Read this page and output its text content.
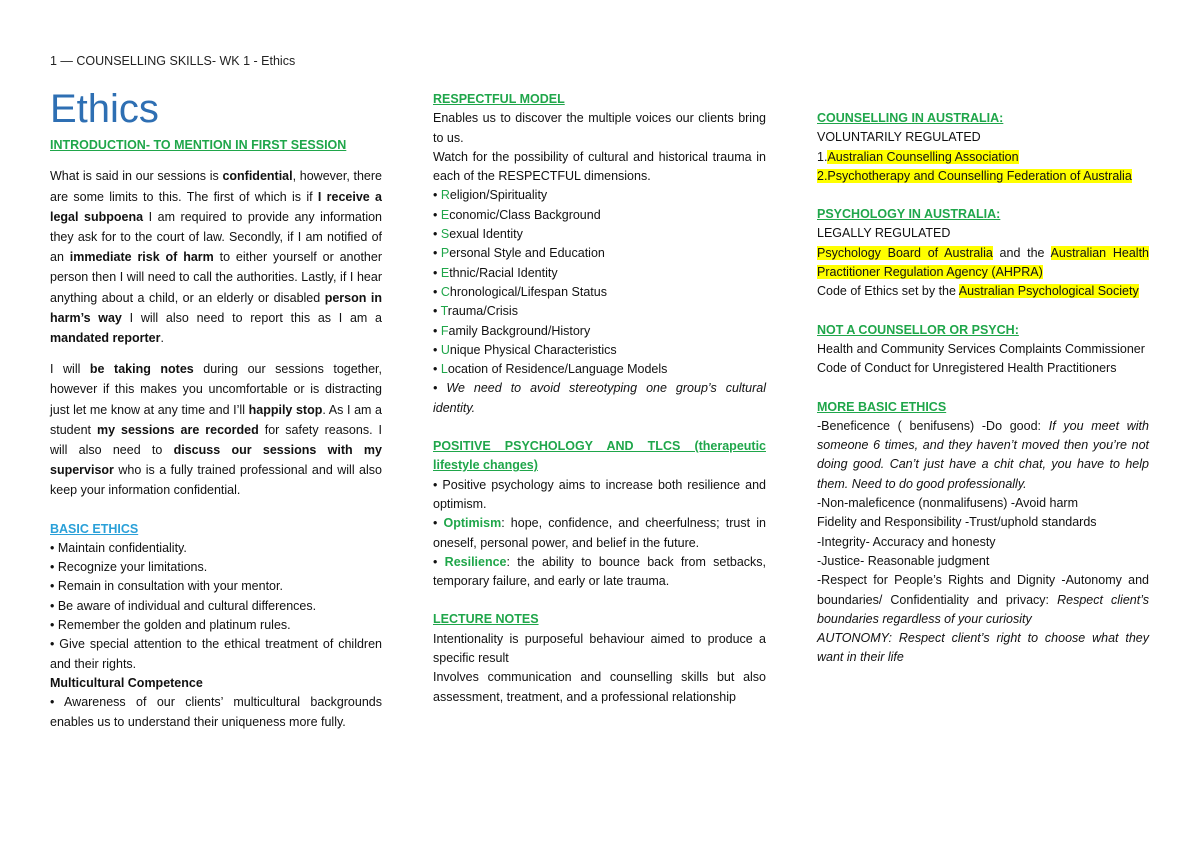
1 — COUNSELLING SKILLS- WK 1 - Ethics
Ethics

INTRODUCTION- TO MENTION IN FIRST SESSION

What is said in our sessions is confidential, however, there are some limits to this. The first of which is if I receive a legal subpoena I am required to provide any information they ask for to the court of law. Secondly, if I am notified of an immediate risk of harm to either yourself or another person then I will need to call the authorities. Lastly, if I hear anything about a child, or an elderly or disabled person in harm’s way I will also need to report this as I am a mandated reporter.

I will be taking notes during our sessions together, however if this makes you uncomfortable or is distracting just let me know at any time and I’ll happily stop. As I am a student my sessions are recorded for safety reasons. I will also need to discuss our sessions with my supervisor who is a fully trained professional and will also keep your information confidential.

BASIC ETHICS

• Maintain confidentiality.

• Recognize your limitations.

• Remain in consultation with your mentor.

• Be aware of individual and cultural differences.

• Remember the golden and platinum rules.

• Give special attention to the ethical treatment of children and their rights.

Multicultural Competence

• Awareness of our clients’ multicultural backgrounds enables us to understand their uniqueness more fully.

RESPECTFUL MODEL

Enables us to discover the multiple voices our clients bring to us.

Watch for the possibility of cultural and historical trauma in each of the RESPECTFUL dimensions.

• Religion/Spirituality

• Economic/Class Background

• Sexual Identity

• Personal Style and Education

• Ethnic/Racial Identity

• Chronological/Lifespan Status

• Trauma/Crisis

• Family Background/History

• Unique Physical Characteristics

• Location of Residence/Language Models

• We need to avoid stereotyping one group’s cultural identity.

POSITIVE PSYCHOLOGY AND TLCS (therapeutic lifestyle changes)

• Positive psychology aims to increase both resilience and optimism.

• Optimism: hope, confidence, and cheerfulness; trust in oneself, personal power, and belief in the future.

• Resilience: the ability to bounce back from setbacks, temporary failure, and early or late trauma.

LECTURE NOTES

Intentionality is purposeful behaviour aimed to produce a specific result

Involves communication and counselling skills but also assessment, treatment, and a professional relationship

COUNSELLING IN AUSTRALIA:

VOLUNTARILY REGULATED

1.Australian Counselling Association

2.Psychotherapy and Counselling Federation of Australia

PSYCHOLOGY IN AUSTRALIA:

LEGALLY REGULATED

Psychology Board of Australia and the Australian Health Practitioner Regulation Agency (AHPRA)

Code of Ethics set by the Australian Psychological Society

NOT A COUNSELLOR OR PSYCH:

Health and Community Services Complaints Commissioner

Code of Conduct for Unregistered Health Practitioners

MORE BASIC ETHICS

-Beneficence ( benifusens) -Do good: If you meet with someone 6 times, and they haven’t moved then you’re not doing good. Can’t just have a chit chat, you have to help them. Need to do good professionally.

-Non-maleficence (nonmalifusens) -Avoid harm

Fidelity and Responsibility -Trust/uphold standards

-Integrity- Accuracy and honesty

-Justice- Reasonable judgment

-Respect for People’s Rights and Dignity -Autonomy and boundaries/ Confidentiality and privacy: Respect client’s boundaries regardless of your curiosity

AUTONOMY: Respect client’s right to choose what they want in their life
